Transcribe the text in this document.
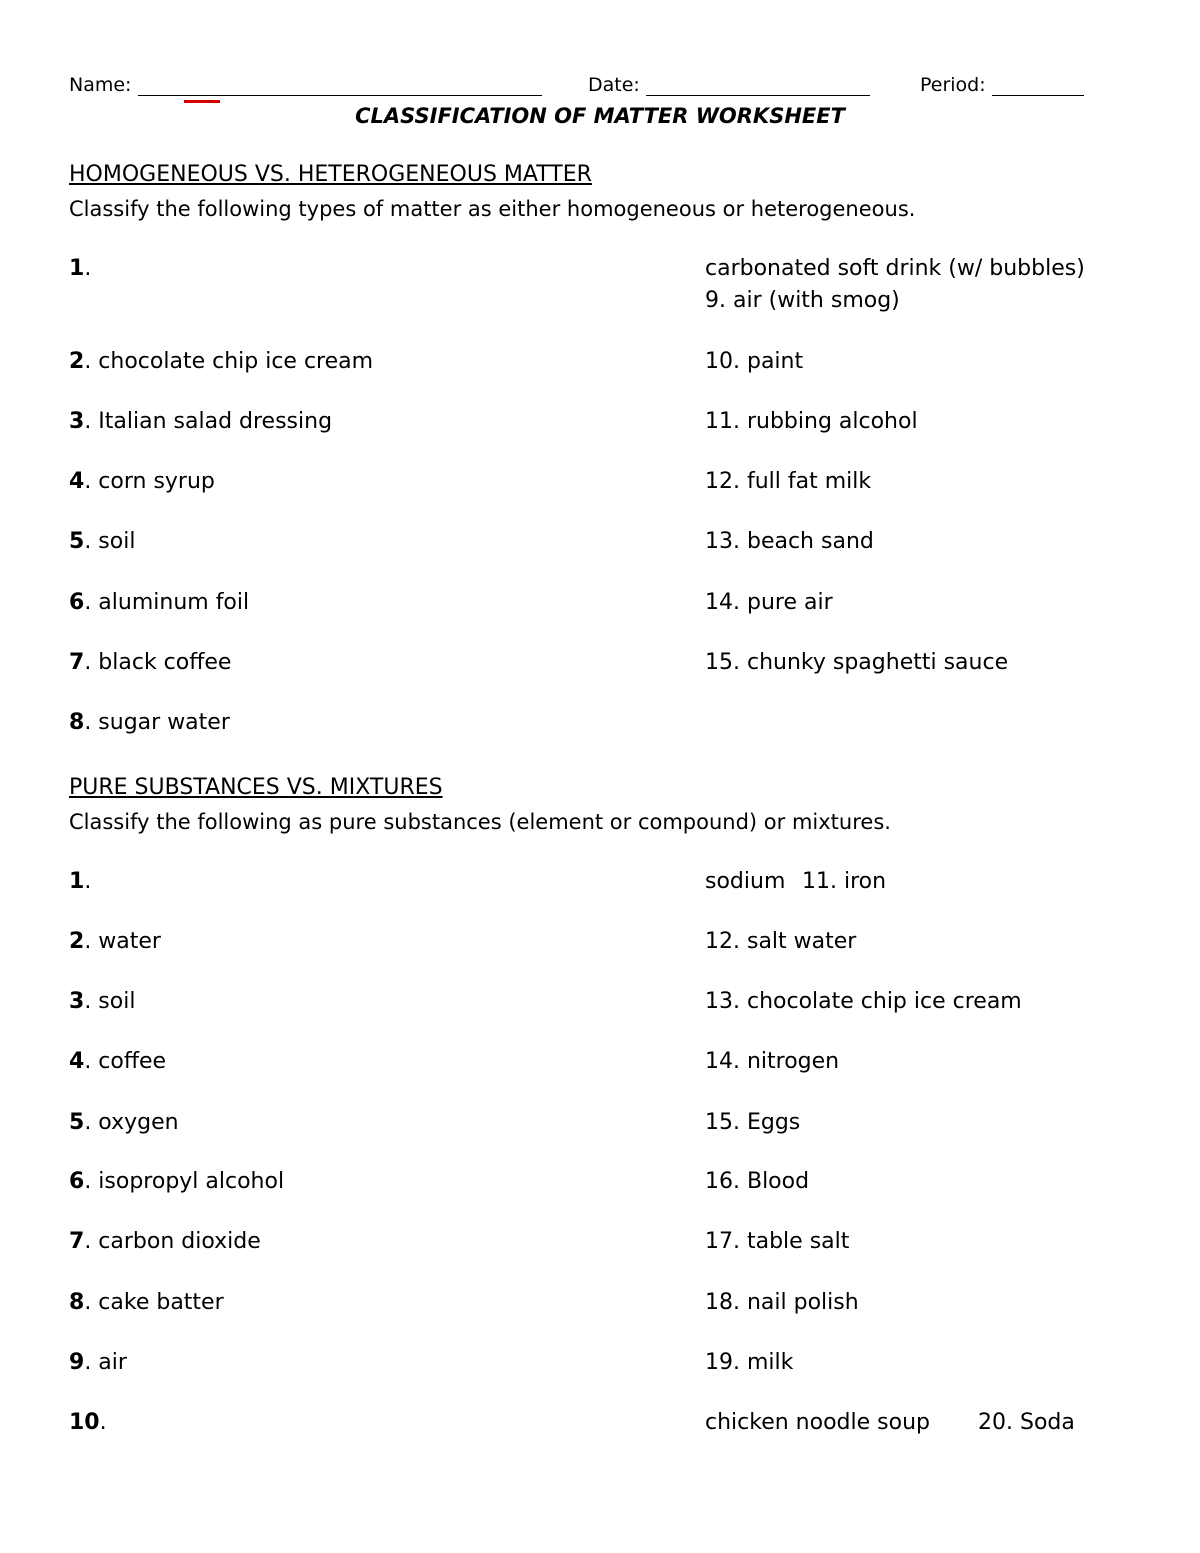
Name:	Date:	Period:
CLASSIFICATION OF MATTER WORKSHEET
HOMOGENEOUS VS. HETEROGENEOUS MATTER
Classify the following types of matter as either homogeneous or heterogeneous.
1.
2. chocolate chip ice cream
3. Italian salad dressing
4. corn syrup
5. soil
6. aluminum foil
7. black coffee
8. sugar water
carbonated soft drink (w/ bubbles)
9. air (with smog)
10. paint
11. rubbing alcohol
12. full fat milk
13. beach sand
14. pure air
15. chunky spaghetti sauce
PURE SUBSTANCES VS. MIXTURES
Classify the following as pure substances (element or compound) or mixtures.
1.
2. water
3. soil
4. coffee
5. oxygen
6. isopropyl alcohol
7. carbon dioxide
8. cake batter
9. air
10.
sodium 11. iron
12. salt water
13. chocolate chip ice cream
14. nitrogen
15. Eggs
16. Blood
17. table salt
18. nail polish
19. milk
chicken noodle soup 20. Soda
